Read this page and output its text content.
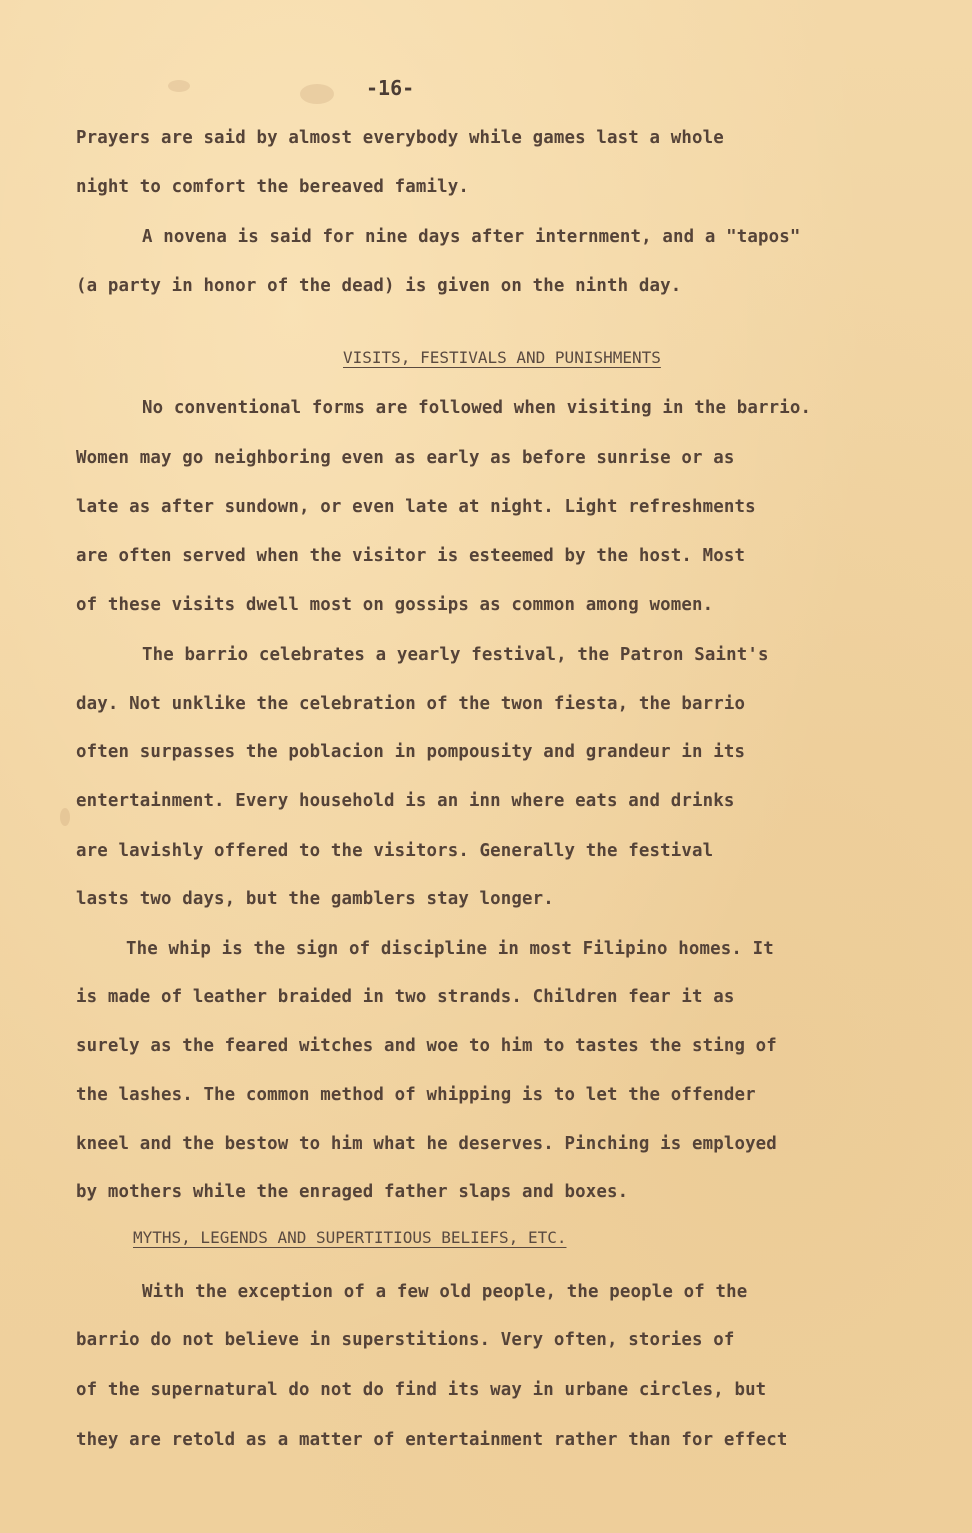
-16-
Prayers are said by almost everybody while games last a whole
night to comfort the bereaved family.
A novena is said for nine days after internment, and a "tapos"
(a party in honor of the dead) is given on the ninth day.
VISITS, FESTIVALS AND PUNISHMENTS
No conventional forms are followed when visiting in the barrio.
Women may go neighboring even as early as before sunrise or as
late as after sundown, or even late at night. Light refreshments
are often served when the visitor is esteemed by the host. Most
of these visits dwell most on gossips as common among women.
The barrio celebrates a yearly festival, the Patron Saint's
day. Not unklike the celebration of the twon fiesta, the barrio
often surpasses the poblacion in pompousity and grandeur in its
entertainment. Every household is an inn where eats and drinks
are lavishly offered to the visitors. Generally the festival
lasts two days, but the gamblers stay longer.
The whip is the sign of discipline in most Filipino homes. It
is made of leather braided in two strands. Children fear it as
surely as the feared witches and woe to him to tastes the sting of
the lashes. The common method of whipping is to let the offender
kneel and the bestow to him what he deserves. Pinching is employed
by mothers while the enraged father slaps and boxes.
MYTHS, LEGENDS AND SUPERTITIOUS BELIEFS, ETC.
With the exception of a few old people, the people of the
barrio do not believe in superstitions. Very often, stories of
of the supernatural do not do find its way in urbane circles, but
they are retold as a matter of entertainment rather than for effect
